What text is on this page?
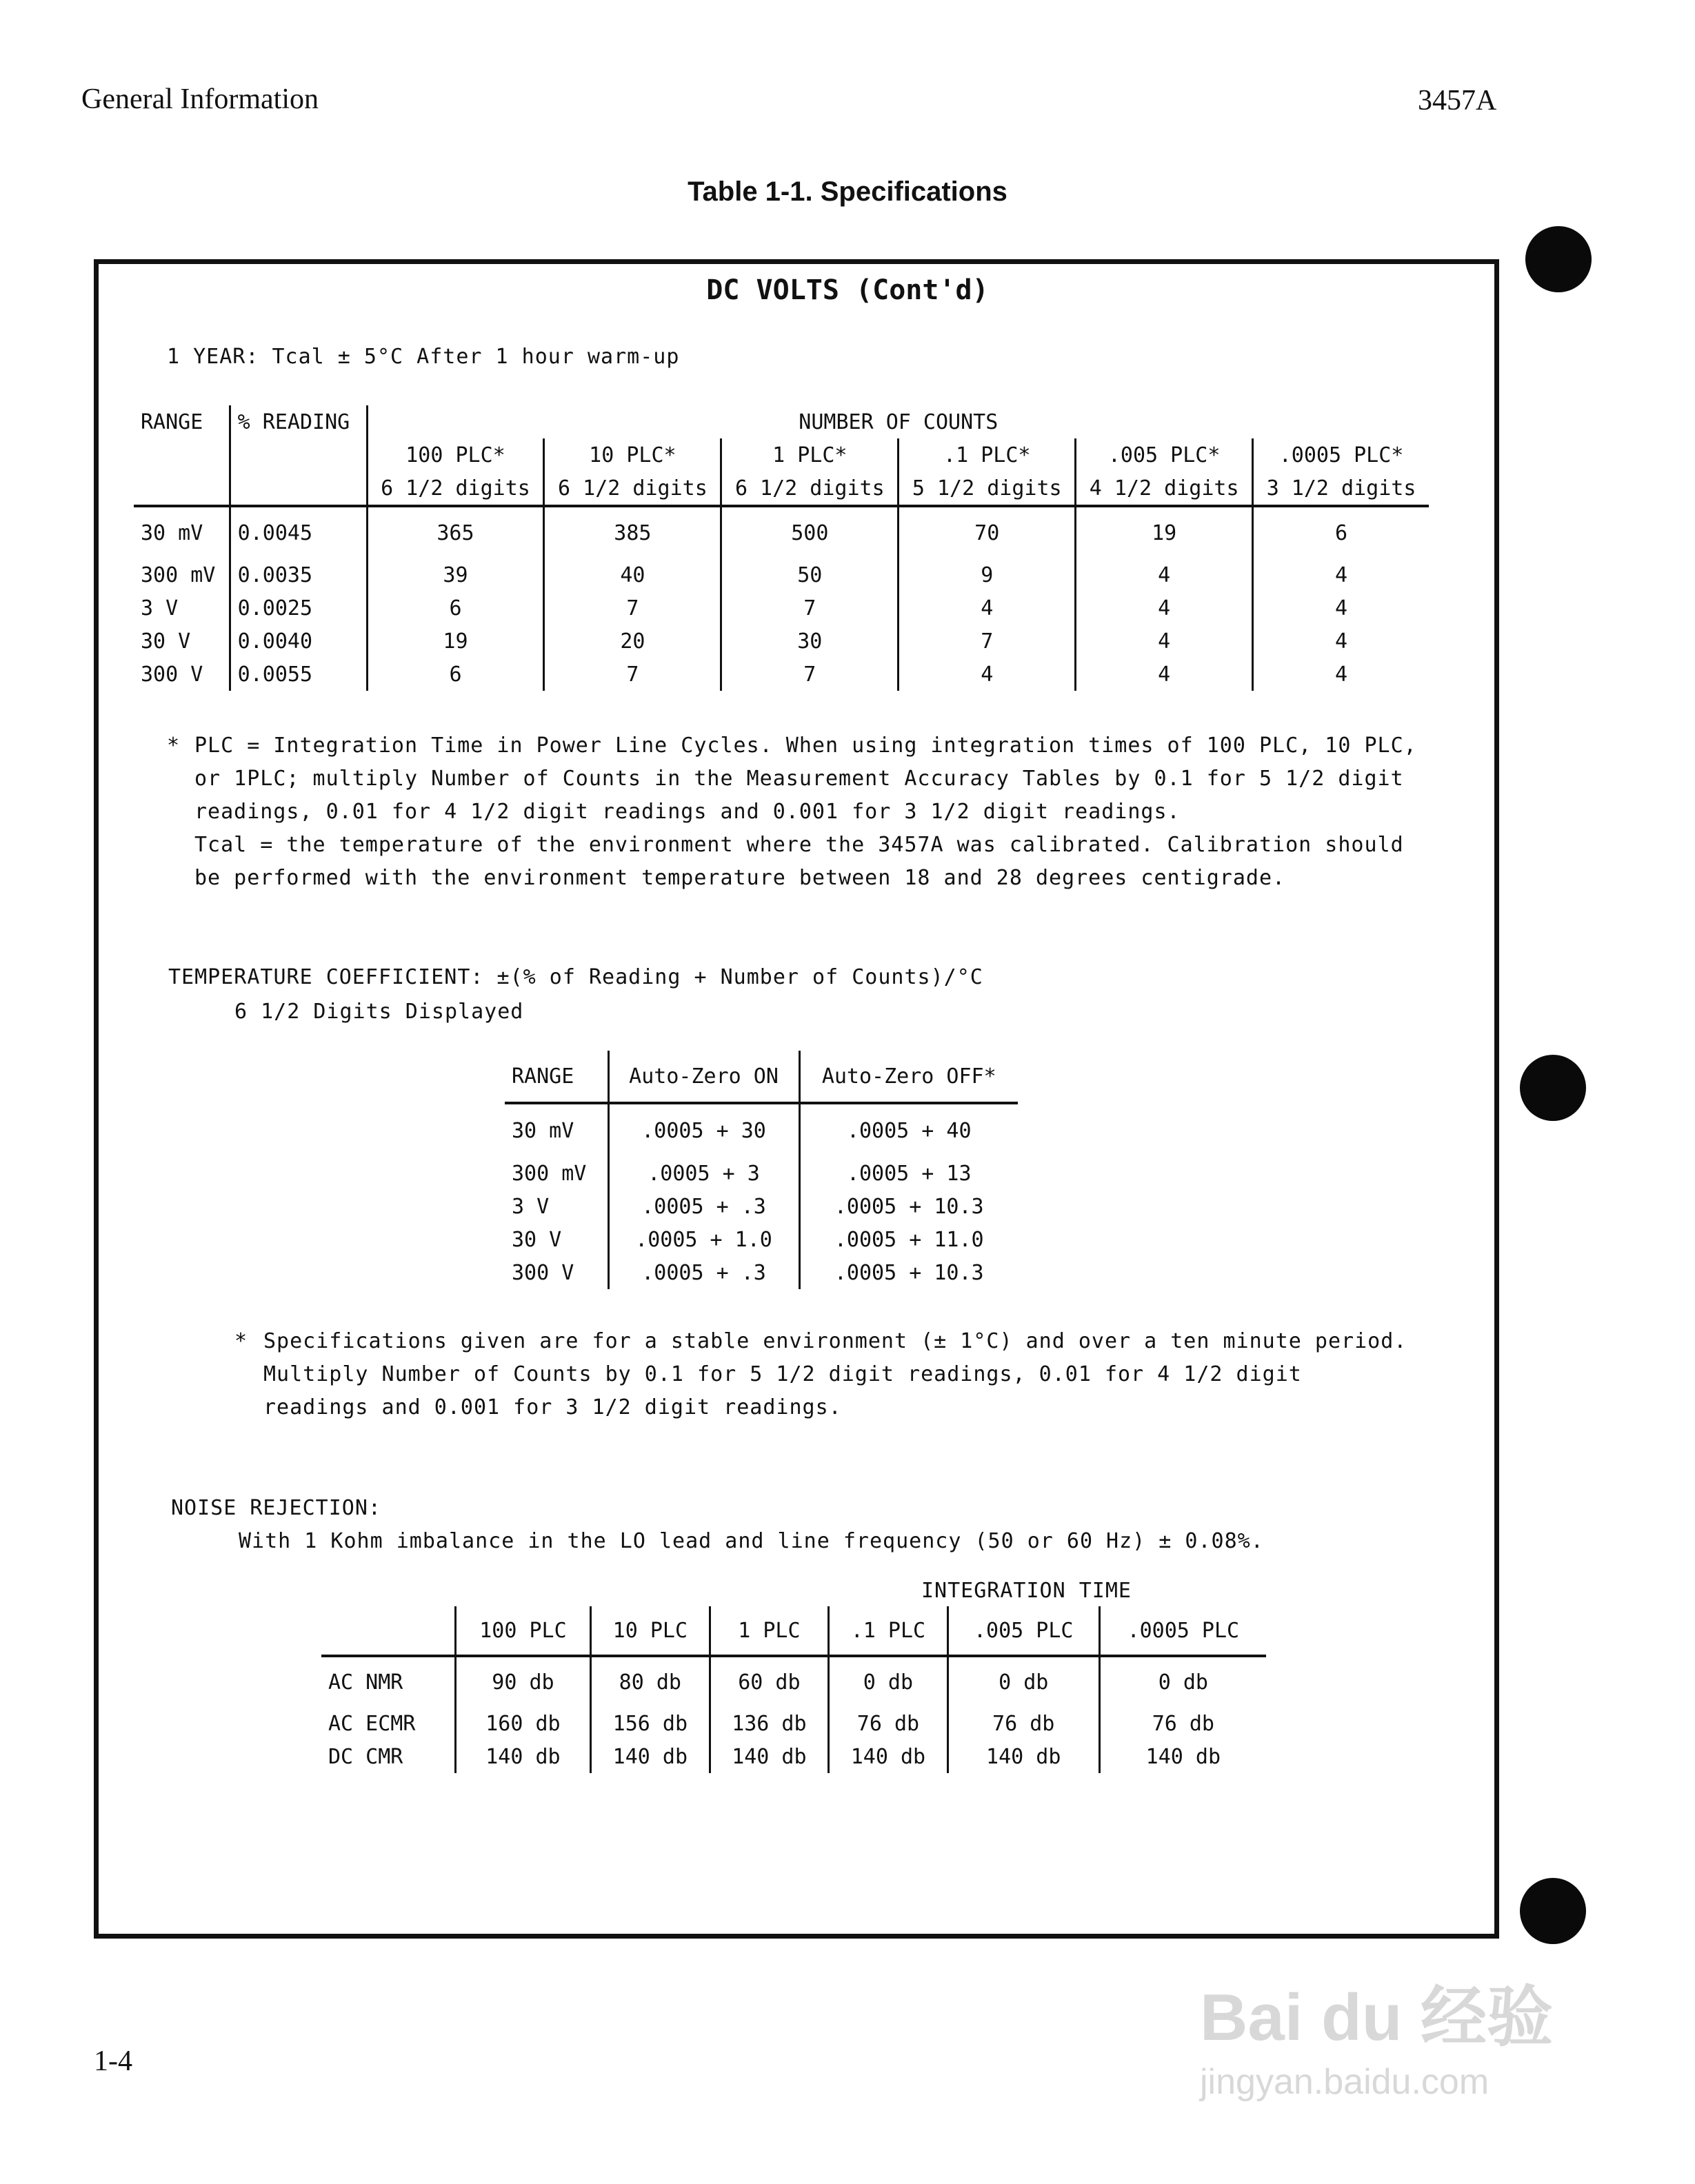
General Information	3457A
Table 1-1. Specifications
DC VOLTS (Cont'd)
1 YEAR: Tcal ± 5°C After 1 hour warm-up
RANGE	% READING	NUMBER OF COUNTS					
		100 PLC*	10 PLC*	1 PLC*	.1 PLC*	.005 PLC*	.0005 PLC*
		6 1/2 digits	6 1/2 digits	6 1/2 digits	5 1/2 digits	4 1/2 digits	3 1/2 digits
30 mV	0.0045	365	385	500	70	19	6
300 mV	0.0035	39	40	50	9	4	4
3 V	0.0025	6	7	7	4	4	4
30 V	0.0040	19	20	30	7	4	4
300 V	0.0055	6	7	7	4	4	4
* PLC = Integration Time in Power Line Cycles. When using integration times of 100 PLC, 10 PLC,
or 1PLC; multiply Number of Counts in the Measurement Accuracy Tables by 0.1 for 5 1/2 digit
readings, 0.01 for 4 1/2 digit readings and 0.001 for 3 1/2 digit readings.
Tcal = the temperature of the environment where the 3457A was calibrated. Calibration should
be performed with the environment temperature between 18 and 28 degrees centigrade.
TEMPERATURE COEFFICIENT: ±(% of Reading + Number of Counts)/°C
6 1/2 Digits Displayed
RANGE	Auto-Zero ON	Auto-Zero OFF*
30 mV	.0005 + 30	.0005 + 40
300 mV	.0005 + 3	.0005 + 13
3 V	.0005 + .3	.0005 + 10.3
30 V	.0005 + 1.0	.0005 + 11.0
300 V	.0005 + .3	.0005 + 10.3
* Specifications given are for a stable environment (± 1°C) and over a ten minute period.
Multiply Number of Counts by 0.1 for 5 1/2 digit readings, 0.01 for 4 1/2 digit
readings and 0.001 for 3 1/2 digit readings.
NOISE REJECTION:
With 1 Kohm imbalance in the LO lead and line frequency (50 or 60 Hz) ± 0.08%.
INTEGRATION TIME
	100 PLC	10 PLC	1 PLC	.1 PLC	.005 PLC	.0005 PLC
AC NMR	90 db	80 db	60 db	0 db	0 db	0 db
AC ECMR	160 db	156 db	136 db	76 db	76 db	76 db
DC CMR	140 db	140 db	140 db	140 db	140 db	140 db
1-4
Bai du 经验
jingyan.baidu.com
